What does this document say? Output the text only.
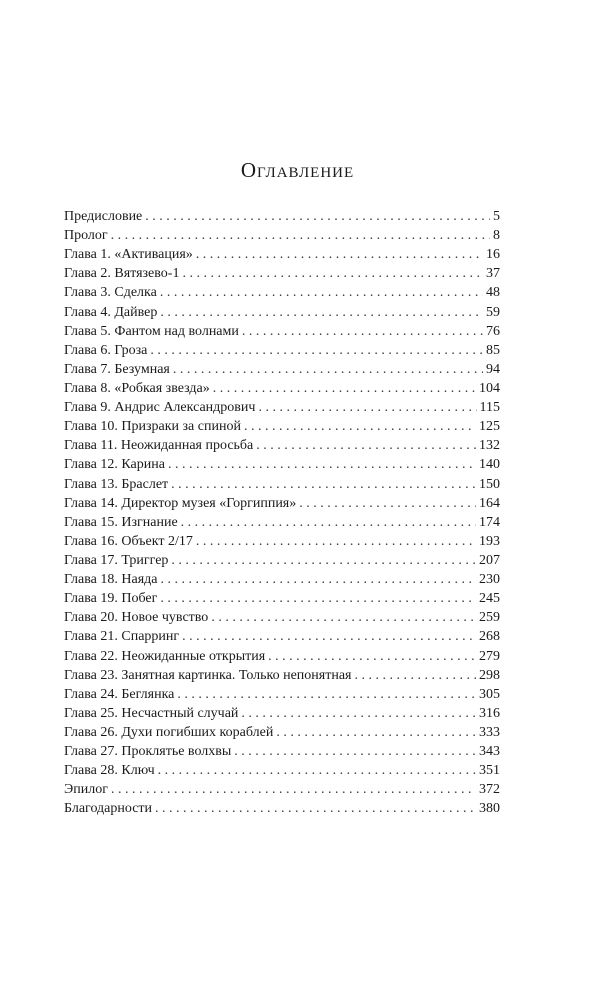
Оглавление
Предисловие . . .	5
Пролог . . .	8
Глава 1. «Активация» . . .	16
Глава 2. Вятязево-1 . . .	37
Глава 3. Сделка . . .	48
Глава 4. Дайвер . . .	59
Глава 5. Фантом над волнами . . .	76
Глава 6. Гроза . . .	85
Глава 7. Безумная . . .	94
Глава 8. «Робкая звезда» . . .	104
Глава 9. Андрис Александрович . . .	115
Глава 10. Призраки за спиной . . .	125
Глава 11. Неожиданная просьба . . .	132
Глава 12. Карина . . .	140
Глава 13. Браслет . . .	150
Глава 14. Директор музея «Горгиппия» . . .	164
Глава 15. Изгнание . . .	174
Глава 16. Объект 2/17 . . .	193
Глава 17. Триггер . . .	207
Глава 18. Наяда . . .	230
Глава 19. Побег . . .	245
Глава 20. Новое чувство . . .	259
Глава 21. Спарринг . . .	268
Глава 22. Неожиданные открытия . . .	279
Глава 23. Занятная картинка. Только непонятная . . .	298
Глава 24. Беглянка . . .	305
Глава 25. Несчастный случай . . .	316
Глава 26. Духи погибших кораблей . . .	333
Глава 27. Проклятье волхвы . . .	343
Глава 28. Ключ . . .	351
Эпилог . . .	372
Благодарности . . .	380
